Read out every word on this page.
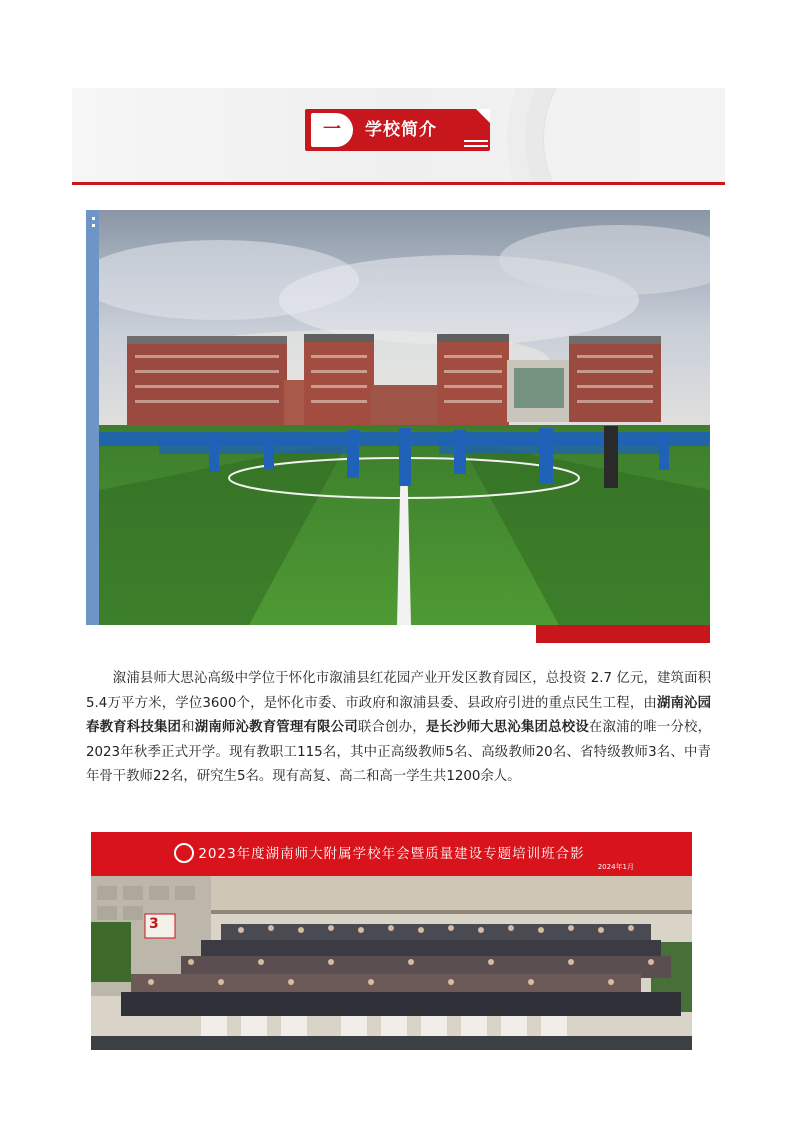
一	学校简介

溆浦县师大思沁高级中学位于怀化市溆浦县红花园产业开发区教育园区，总投资 2.7 亿元，建筑面积5.4万平方米，学位3600个，是怀化市委、市政府和溆浦县委、县政府引进的重点民生工程，由湖南沁园春教育科技集团和湖南师沁教育管理有限公司联合创办，是长沙师大思沁集团总校设在溆浦的唯一分校，2023年秋季正式开学。现有教职工115名，其中正高级教师5名、高级教师20名、省特级教师3名、中青年骨干教师22名，研究生5名。现有高复、高二和高一学生共1200余人。

2023年度湖南师大附属学校年会暨质量建设专题培训班合影
2024年1月
3
